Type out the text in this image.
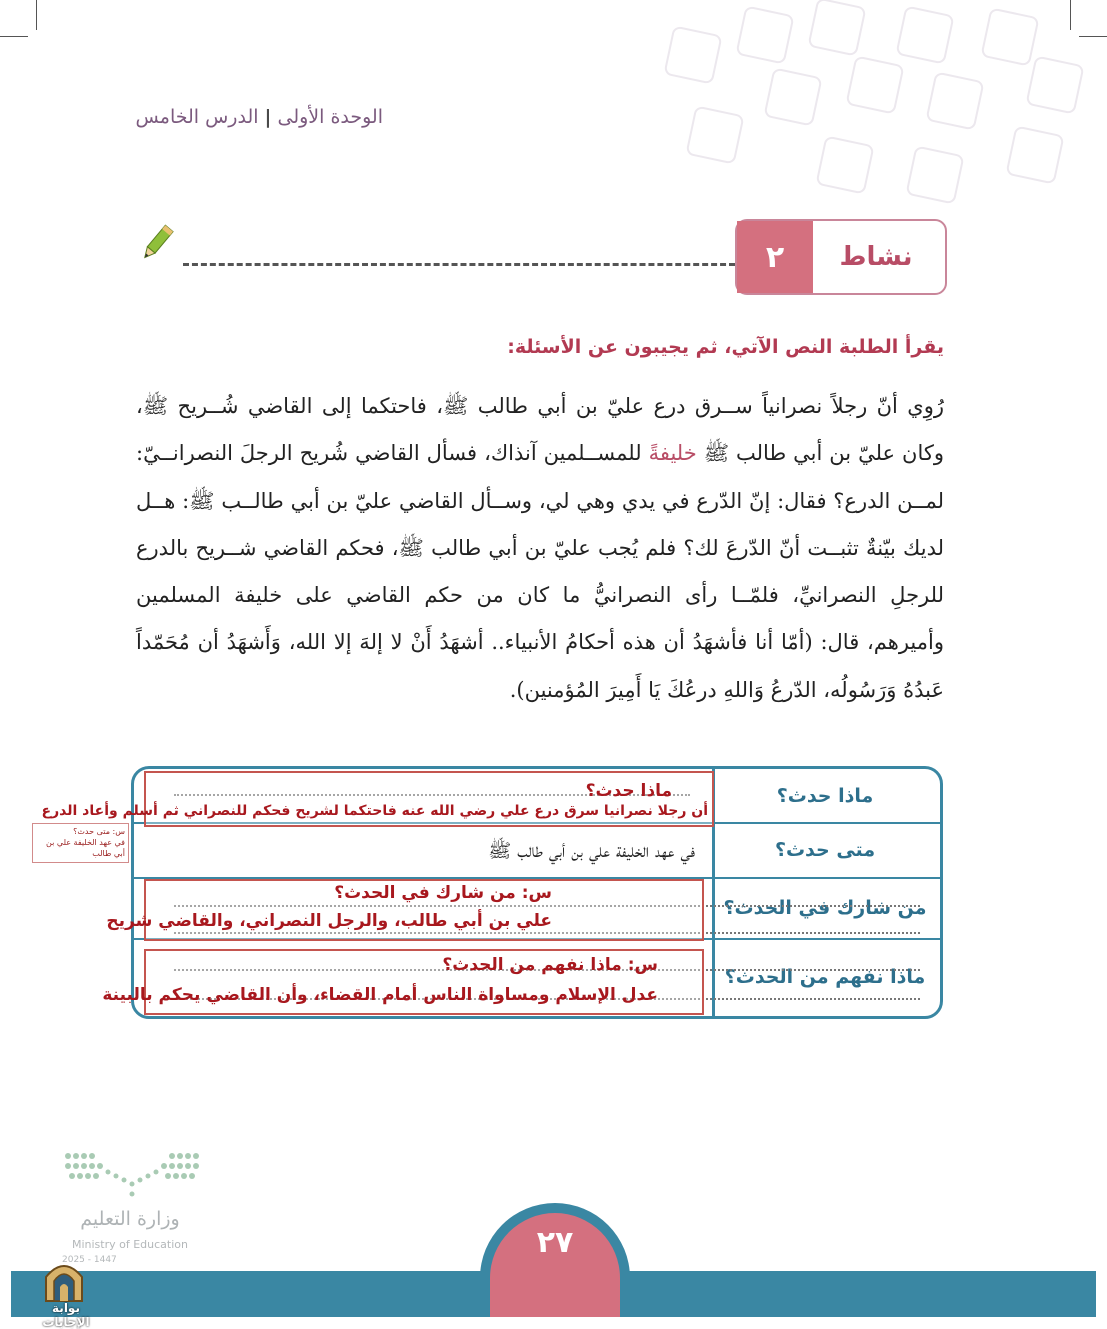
الوحدة الأولى|الدرس الخامس
٢	نشاط
يقرأ الطلبة النص الآتي، ثم يجيبون عن الأسئلة:
رُوِي أنّ رجلاً نصرانياً ســرق درع عليّ بن أبي طالب ﷺ، فاحتكما إلى القاضي شُــريح ﷺ، وكان عليّ بن أبي طالب ﷺ خليفةً للمســلمين آنذاك، فسأل القاضي شُريح الرجلَ النصرانــيّ: لمــن الدرع؟ فقال: إنّ الدّرع في يدي وهي لي، وســأل القاضي عليّ بن أبي طالــب ﷺ: هــل لديك بيّنةٌ تثبــت أنّ الدّرعَ لك؟ فلم يُجب عليّ بن أبي طالب ﷺ، فحكم القاضي شــريح بالدرع للرجلِ النصرانيِّ، فلمّــا رأى النصرانيُّ ما كان من حكم القاضي على خليفة المسلمين وأميرهم، قال: (أمّا أنا فأشهَدُ أن هذه أحكامُ الأنبياء.. أشهَدُ أَنْ لا إلهَ إلا الله، وَأَشهَدُ أن مُحَمّداً عَبدُهُ وَرَسُولُه، الدّرعُ وَاللهِ درعُكَ يَا أَمِيرَ المُؤمنين).
ماذا حدث؟
ماذا حدث؟
أن رجلا نصرانيا سرق درع علي رضي الله عنه فاحتكما لشريح فحكم للنصراني ثم أسلم وأعاد الدرع
متى حدث؟
في عهد الخليفة علي بن أبي طالب ﷺ
من شارك في الحدث؟
س: من شارك في الحدث؟
علي بن أبي طالب، والرجل النصراني، والقاضي شريح
ماذا نفهم من الحدث؟
س: ماذا نفهم من الحدث؟
عدل الإسلام ومساواة الناس أمام القضاء، وأن القاضي يحكم بالبينة
س: متى حدث؟
في عهد الخليفة علي بن أبي طالب
وزارة التعليم
Ministry of Education
2025 - 1447	٢٧
بوابة الإجابات
